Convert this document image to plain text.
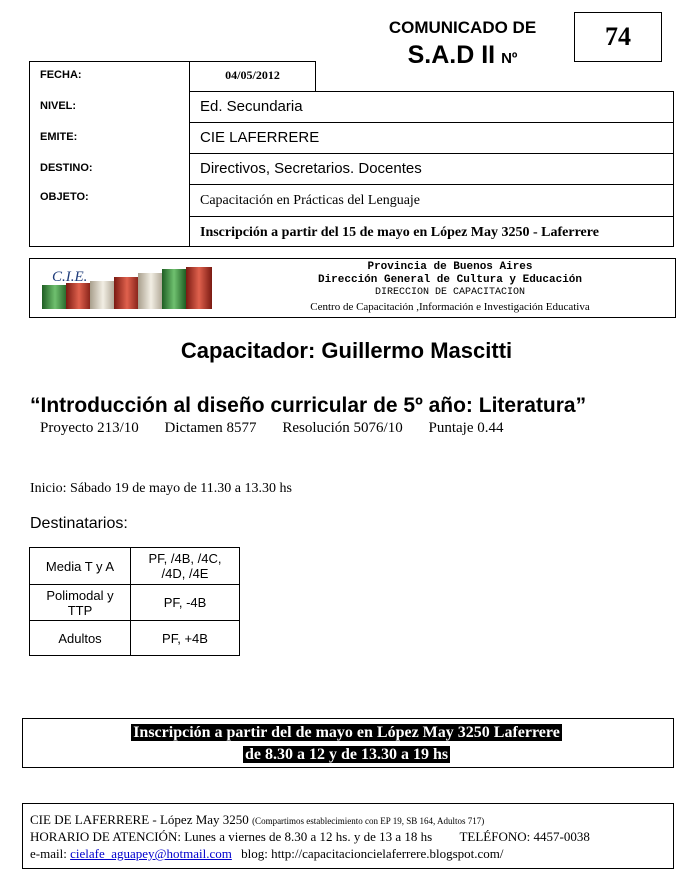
COMUNICADO DE
S.A.D II Nº
74
FECHA:	04/05/2012
NIVEL:	Ed. Secundaria
EMITE:	CIE LAFERRERE
DESTINO:	Directivos, Secretarios. Docentes
OBJETO:	Capacitación en Prácticas del Lenguaje
Inscripción a partir del 15 de mayo en López May 3250 - Laferrere
C.I.E.
Provincia de Buenos Aires
Dirección General de Cultura y Educación
DIRECCION DE CAPACITACION
Centro de Capacitación ,Información e Investigación Educativa
Capacitador: Guillermo Mascitti
“Introducción al diseño curricular de 5º año: Literatura”
Proyecto 213/10 Dictamen 8577 Resolución 5076/10 Puntaje 0.44
Inicio: Sábado 19 de mayo de 11.30 a 13.30 hs
Destinatarios:
Media T y A	PF, /4B, /4C, /4D, /4E
Polimodal y TTP	PF, -4B
Adultos	PF, +4B
Inscripción a partir del de mayo en López May 3250 Laferrere
de 8.30 a 12 y de 13.30 a 19 hs
CIE DE LAFERRERE - López May 3250 (Compartimos establecimiento con EP 19, SB 164, Adultos 717)
HORARIO DE ATENCIÓN: Lunes a viernes de 8.30 a 12 hs. y de 13 a 18 hs TELÉFONO: 4457-0038
e-mail: cielafe_aguapey@hotmail.com blog: http://capacitacioncielaferrere.blogspot.com/
